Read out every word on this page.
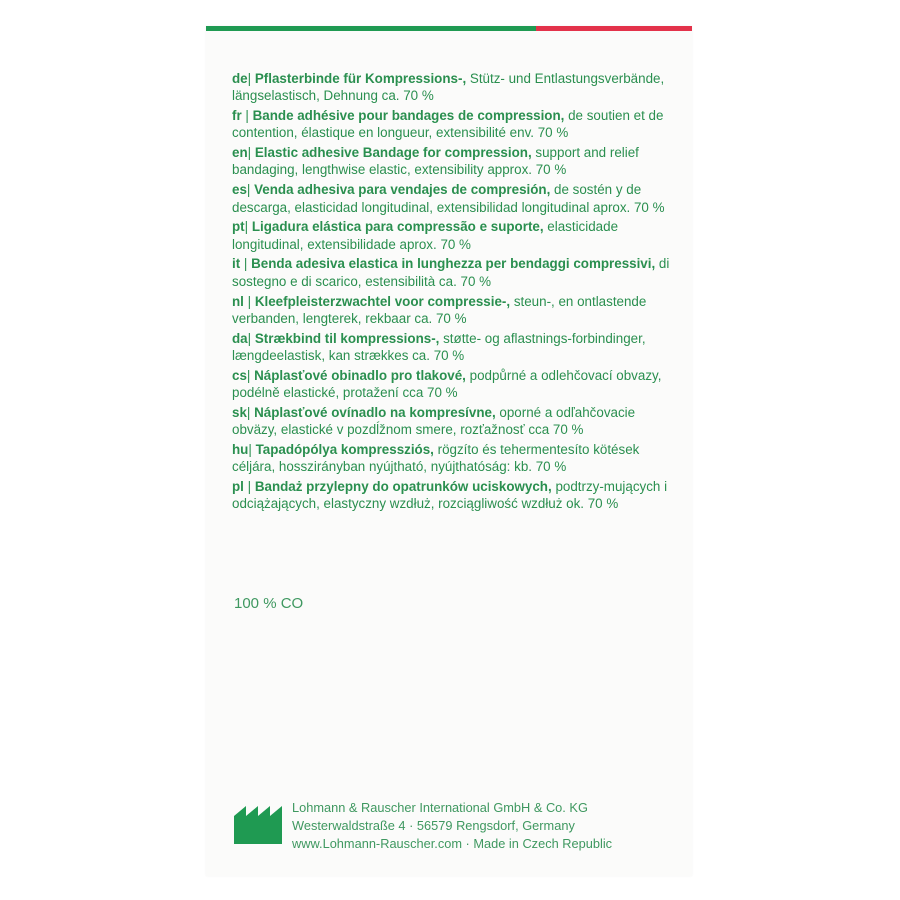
de| Pflasterbinde für Kompressions-, Stütz- und Entlastungsverbände, längselastisch, Dehnung ca. 70 %
fr | Bande adhésive pour bandages de compression, de soutien et de contention, élastique en longueur, extensibilité env. 70 %
en| Elastic adhesive Bandage for compression, support and relief bandaging, lengthwise elastic, extensibility approx. 70 %
es| Venda adhesiva para vendajes de compresión, de sostén y de descarga, elasticidad longitudinal, extensibilidad longitudinal aprox. 70 %
pt| Ligadura elástica para compressão e suporte, elasticidade longitudinal, extensibilidade aprox. 70 %
it | Benda adesiva elastica in lunghezza per bendaggi compressivi, di sostegno e di scarico, estensibilità ca. 70 %
nl | Kleefpleisterzwachtel voor compressie-, steun-, en ontlastende verbanden, lengterek, rekbaar ca. 70 %
da| Strækbind til kompressions-, støtte- og aflastnings-forbindinger, længdeelastisk, kan strækkes ca. 70 %
cs| Náplasťové obinadlo pro tlakové, podpůrné a odlehčovací obvazy, podélně elastické, protažení cca 70 %
sk| Náplasťové ovínadlo na kompresívne, oporné a odľahčovacie obväzy, elastické v pozdĺžnom smere, rozťažnosť cca 70 %
hu| Tapadópólya kompressziós, rögzíto és tehermentesíto kötések céljára, hosszirányban nyújtható, nyújthatóság: kb. 70 %
pl | Bandaż przylepny do opatrunków uciskowych, podtrzy-mujących i odciążających, elastyczny wzdłuż, rozciągliwość wzdłuż ok. 70 %
100 % CO
Lohmann & Rauscher International GmbH & Co. KG
Westerwaldstraße 4 · 56579 Rengsdorf, Germany
www.Lohmann-Rauscher.com · Made in Czech Republic
